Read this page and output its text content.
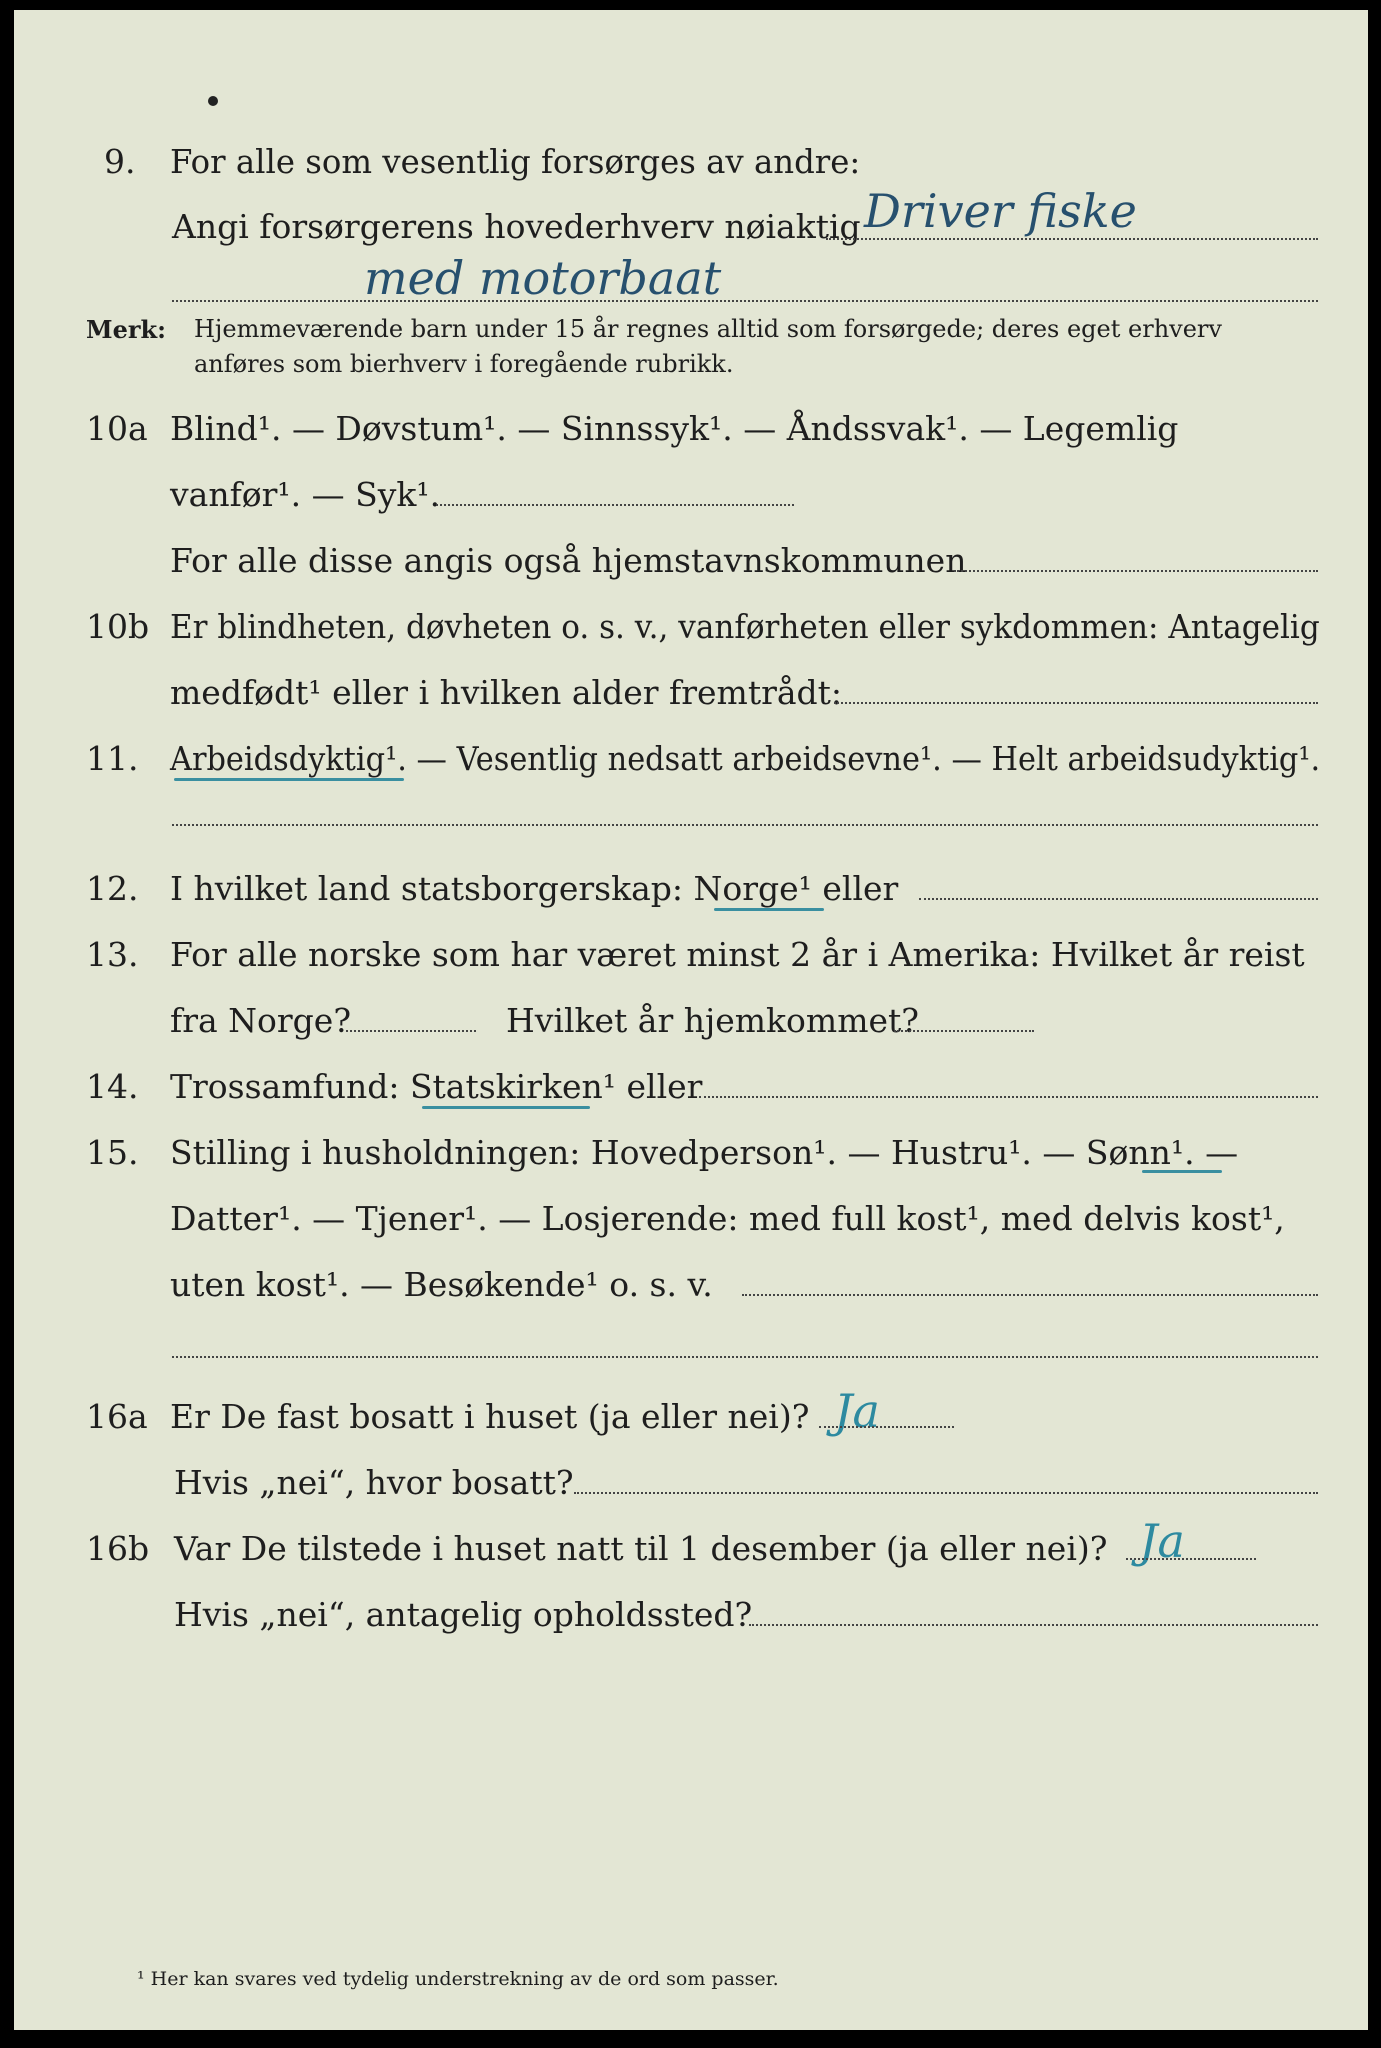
9. For alle som vesentlig forsørges av andre:
Angi forsørgerens hovederhverv nøiaktig Driver fiske
med motorbaat
Merk: Hjemmeværende barn under 15 år regnes alltid som forsørgede; deres eget erhverv
anføres som bierhverv i foregående rubrikk.
10a Blind¹. — Døvstum¹. — Sinnssyk¹. — Åndssvak¹. — Legemlig
vanfør¹. — Syk¹.
For alle disse angis også hjemstavnskommunen
10b Er blindheten, døvheten o. s. v., vanførheten eller sykdommen: Antagelig
medfødt¹ eller i hvilken alder fremtrådt:
11. Arbeidsdyktig¹. — Vesentlig nedsatt arbeidsevne¹. — Helt arbeidsudyktig¹.
12. I hvilket land statsborgerskap: Norge¹ eller
13. For alle norske som har været minst 2 år i Amerika: Hvilket år reist
fra Norge?	Hvilket år hjemkommet?
14. Trossamfund: Statskirken¹ eller
15. Stilling i husholdningen: Hovedperson¹. — Hustru¹. — Sønn¹. —
Datter¹. — Tjener¹. — Losjerende: med full kost¹, med delvis kost¹,
uten kost¹. — Besøkende¹ o. s. v.
16a Er De fast bosatt i huset (ja eller nei)? Ja
Hvis „nei“, hvor bosatt?
16b Var De tilstede i huset natt til 1 desember (ja eller nei)? Ja
Hvis „nei“, antagelig opholdssted?
¹ Her kan svares ved tydelig understrekning av de ord som passer.
